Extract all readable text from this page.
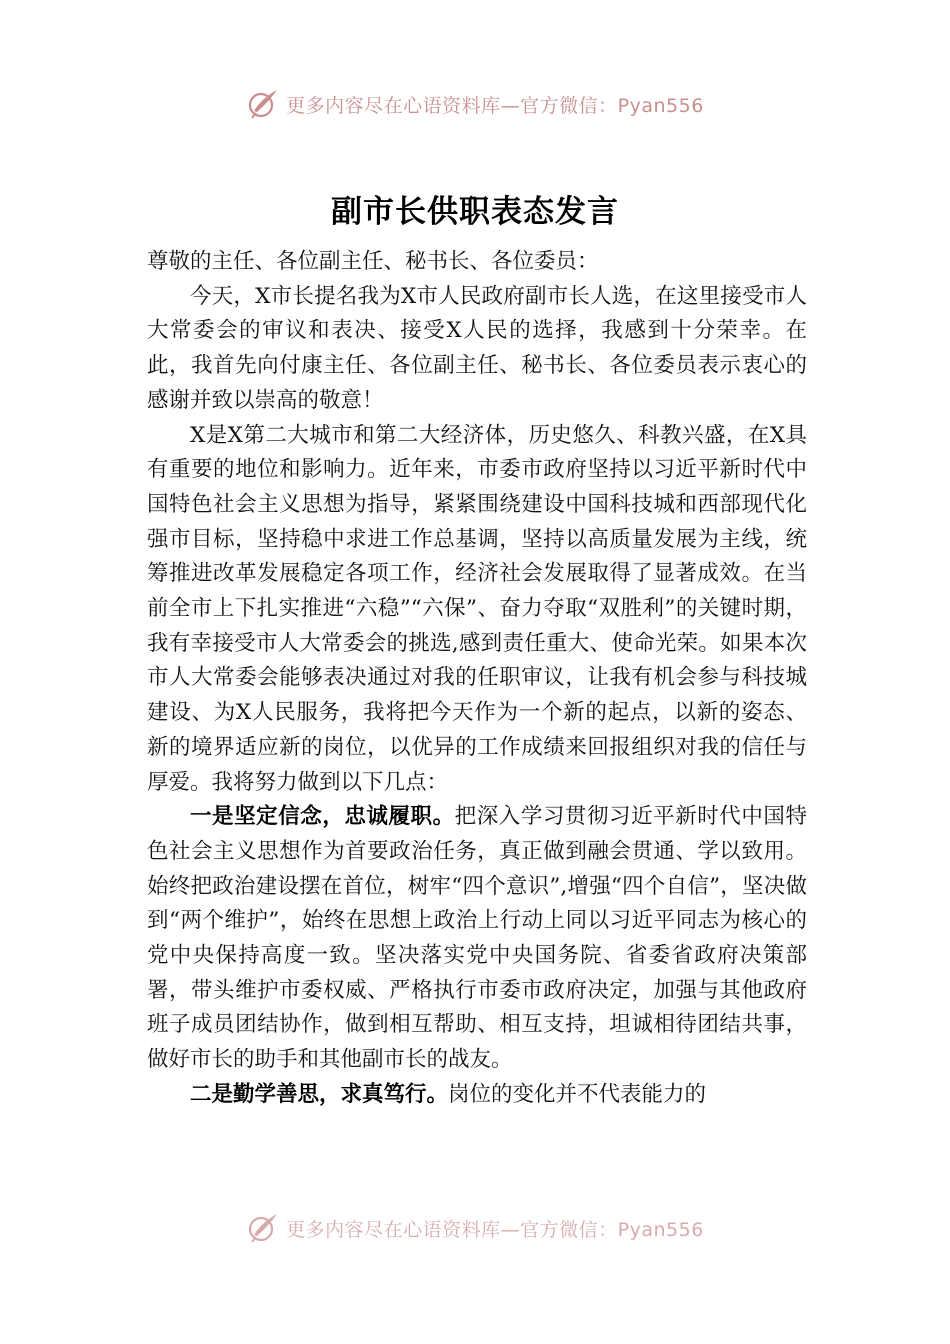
更多内容尽在心语资料库—官方微信：Pyan556
副市长供职表态发言

尊敬的主任、各位副主任、秘书长、各位委员：

今天，X市长提名我为X市人民政府副市长人选，在这里接受市人大常委会的审议和表决、接受X人民的选择，我感到十分荣幸。在此，我首先向付康主任、各位副主任、秘书长、各位委员表示衷心的感谢并致以崇高的敬意！

X是X第二大城市和第二大经济体，历史悠久、科教兴盛，在X具有重要的地位和影响力。近年来，市委市政府坚持以习近平新时代中国特色社会主义思想为指导，紧紧围绕建设中国科技城和西部现代化强市目标，坚持稳中求进工作总基调，坚持以高质量发展为主线，统筹推进改革发展稳定各项工作，经济社会发展取得了显著成效。在当前全市上下扎实推进“六稳”“六保”、奋力夺取“双胜利”的关键时期，我有幸接受市人大常委会的挑选,感到责任重大、使命光荣。如果本次市人大常委会能够表决通过对我的任职审议，让我有机会参与科技城建设、为X人民服务，我将把今天作为一个新的起点，以新的姿态、新的境界适应新的岗位，以优异的工作成绩来回报组织对我的信任与厚爱。我将努力做到以下几点：

一是坚定信念，忠诚履职。把深入学习贯彻习近平新时代中国特色社会主义思想作为首要政治任务，真正做到融会贯通、学以致用。始终把政治建设摆在首位，树牢“四个意识”,增强“四个自信”，坚决做到“两个维护”，始终在思想上政治上行动上同以习近平同志为核心的党中央保持高度一致。坚决落实党中央国务院、省委省政府决策部署，带头维护市委权威、严格执行市委市政府决定，加强与其他政府班子成员团结协作，做到相互帮助、相互支持，坦诚相待团结共事，做好市长的助手和其他副市长的战友。

二是勤学善思，求真笃行。岗位的变化并不代表能力的

更多内容尽在心语资料库—官方微信：Pyan556
